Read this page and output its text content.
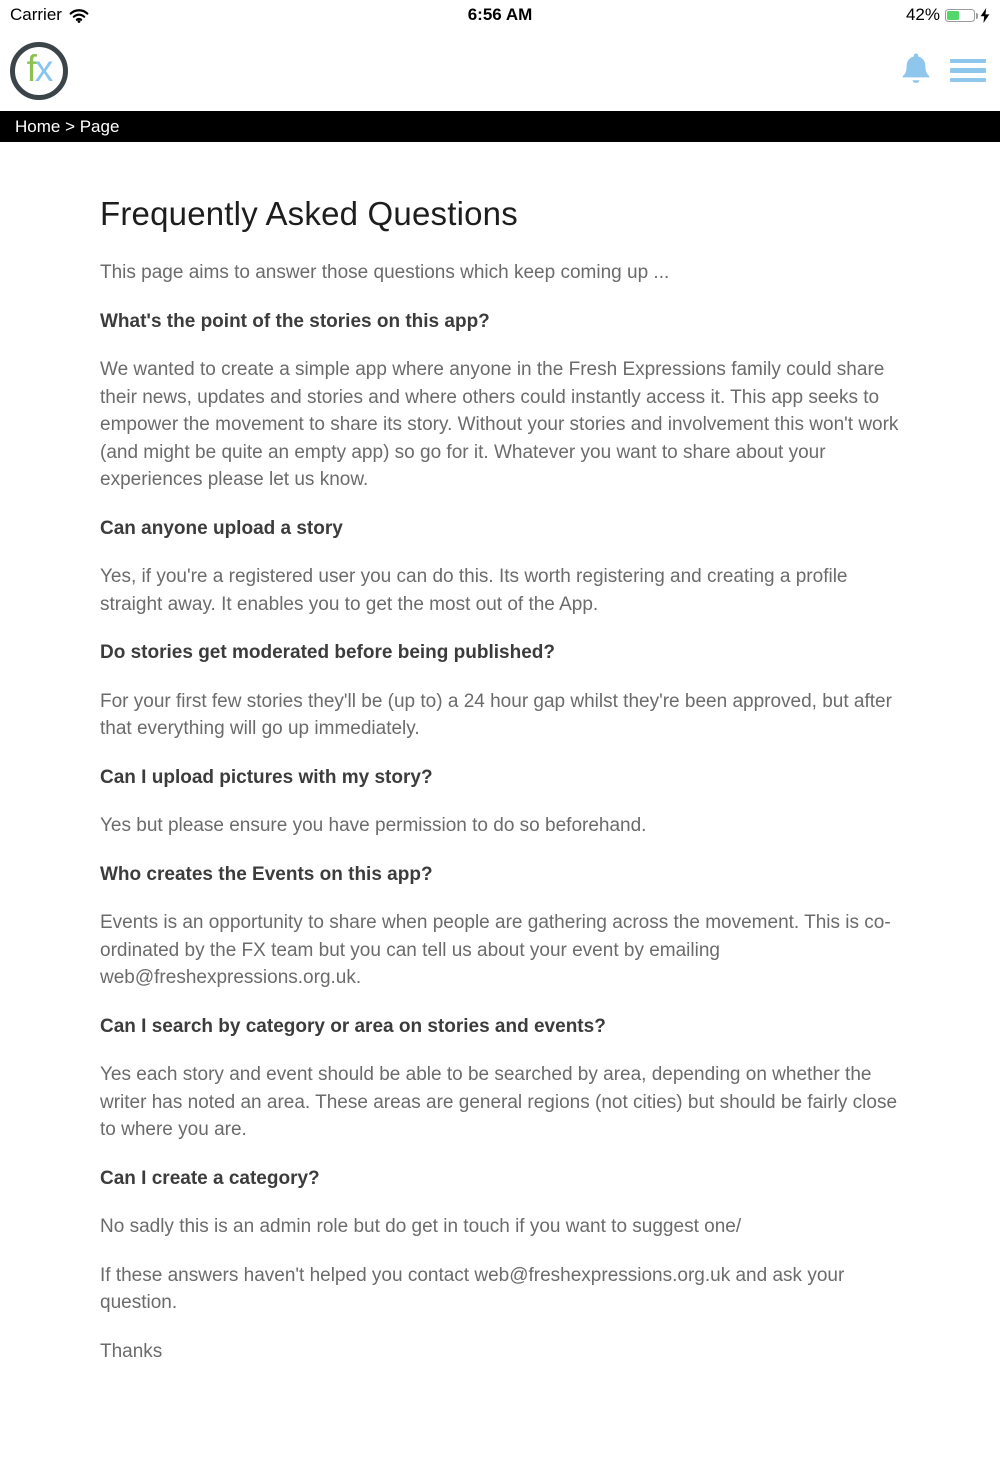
Carrier	6:56 AM	42%
f x
Home > Page
Frequently Asked Questions

This page aims to answer those questions which keep coming up ...

What's the point of the stories on this app?

We wanted to create a simple app where anyone in the Fresh Expressions family could share their news, updates and stories and where others could instantly access it. This app seeks to empower the movement to share its story. Without your stories and involvement this won't work (and might be quite an empty app) so go for it. Whatever you want to share about your experiences please let us know.

Can anyone upload a story

Yes, if you're a registered user you can do this. Its worth registering and creating a profile straight away. It enables you to get the most out of the App.

Do stories get moderated before being published?

For your first few stories they'll be (up to) a 24 hour gap whilst they're been approved, but after that everything will go up immediately.

Can I upload pictures with my story?

Yes but please ensure you have permission to do so beforehand.

Who creates the Events on this app?

Events is an opportunity to share when people are gathering across the movement. This is co-ordinated by the FX team but you can tell us about your event by emailing web@freshexpressions.org.uk.

Can I search by category or area on stories and events?

Yes each story and event should be able to be searched by area, depending on whether the writer has noted an area. These areas are general regions (not cities) but should be fairly close to where you are.

Can I create a category?

No sadly this is an admin role but do get in touch if you want to suggest one/

If these answers haven't helped you contact web@freshexpressions.org.uk and ask your question.

Thanks
